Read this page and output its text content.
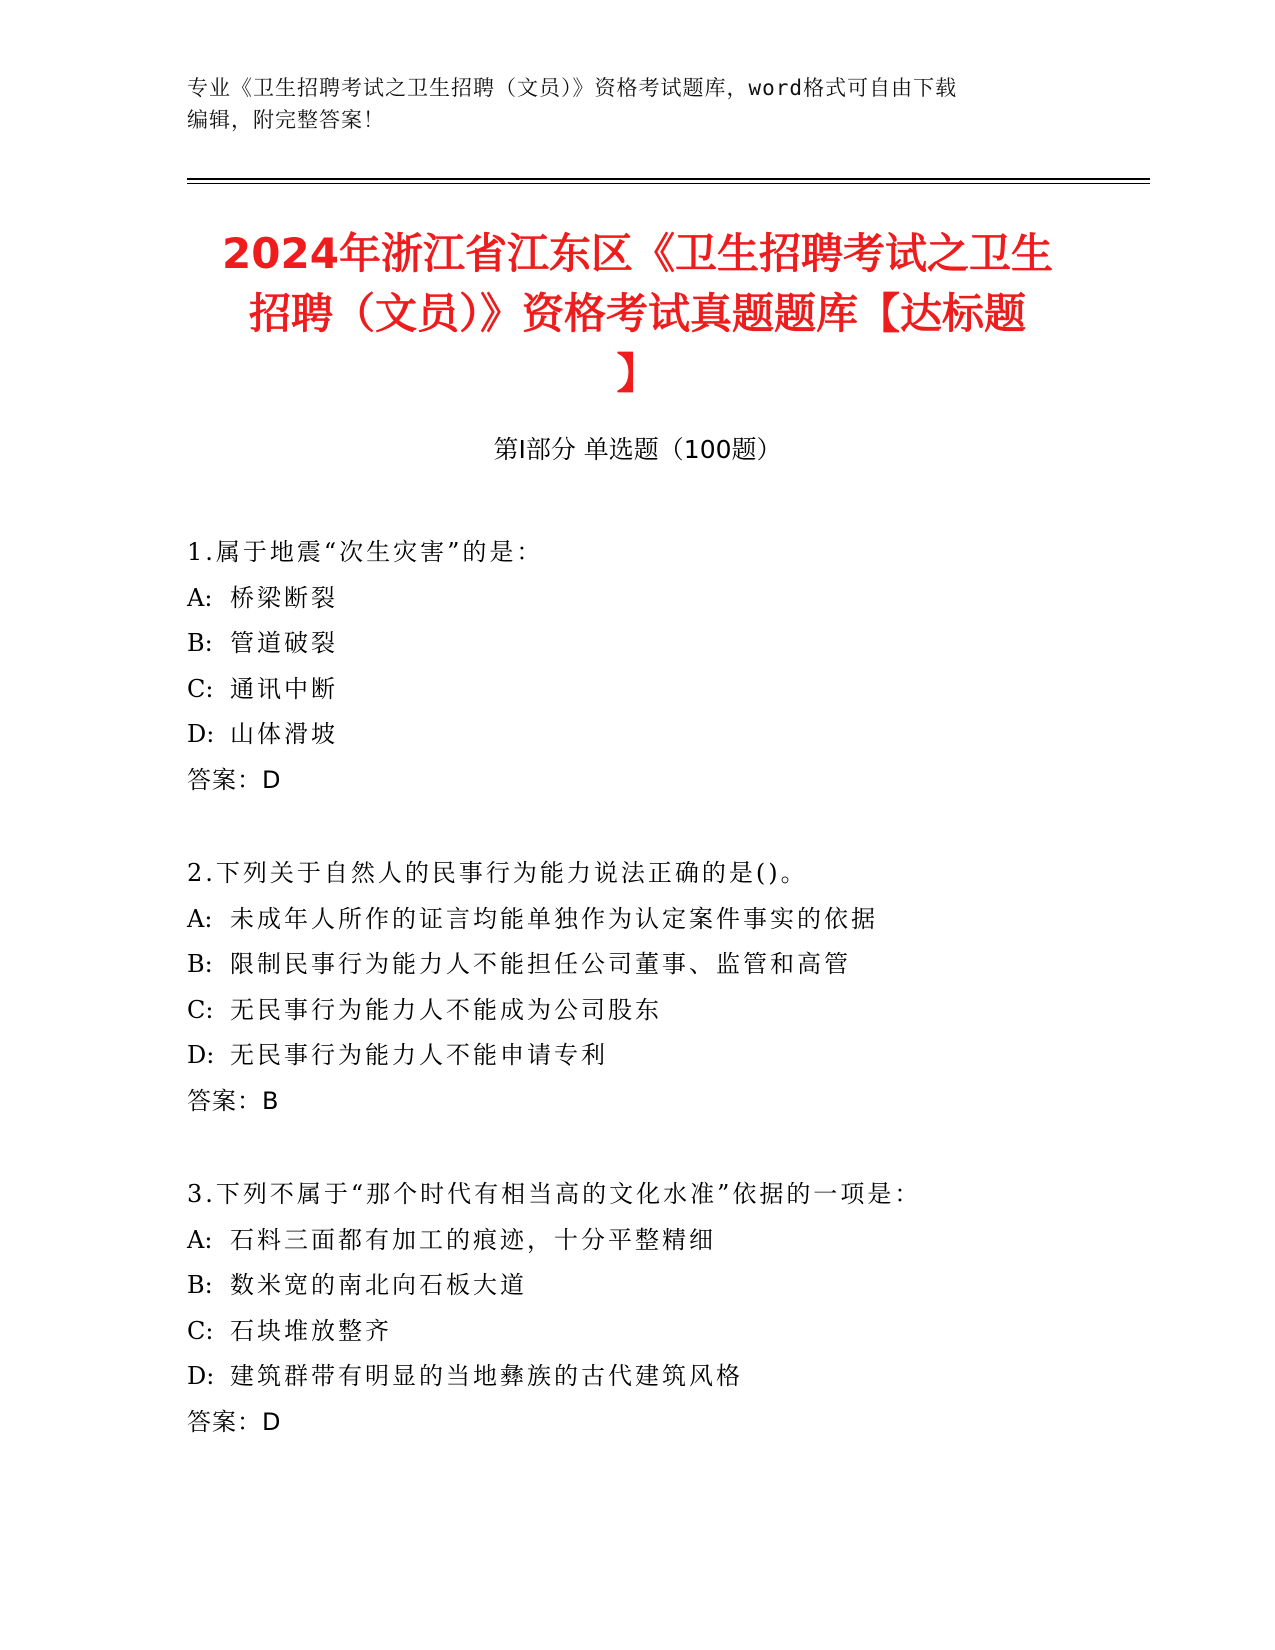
专业《卫生招聘考试之卫生招聘（文员）》资格考试题库，word格式可自由下载
编辑，附完整答案！
2024年浙江省江东区《卫生招聘考试之卫生
招聘（文员）》资格考试真题题库【达标题
】
第Ⅰ部分 单选题（100题）
1.属于地震“次生灾害”的是：
A: 桥梁断裂
B: 管道破裂
C: 通讯中断
D: 山体滑坡
答案：D
2.下列关于自然人的民事行为能力说法正确的是()。
A: 未成年人所作的证言均能单独作为认定案件事实的依据
B: 限制民事行为能力人不能担任公司董事、监管和高管
C: 无民事行为能力人不能成为公司股东
D: 无民事行为能力人不能申请专利
答案：B
3.下列不属于“那个时代有相当高的文化水准”依据的一项是：
A: 石料三面都有加工的痕迹，十分平整精细
B: 数米宽的南北向石板大道
C: 石块堆放整齐
D: 建筑群带有明显的当地彝族的古代建筑风格
答案：D
